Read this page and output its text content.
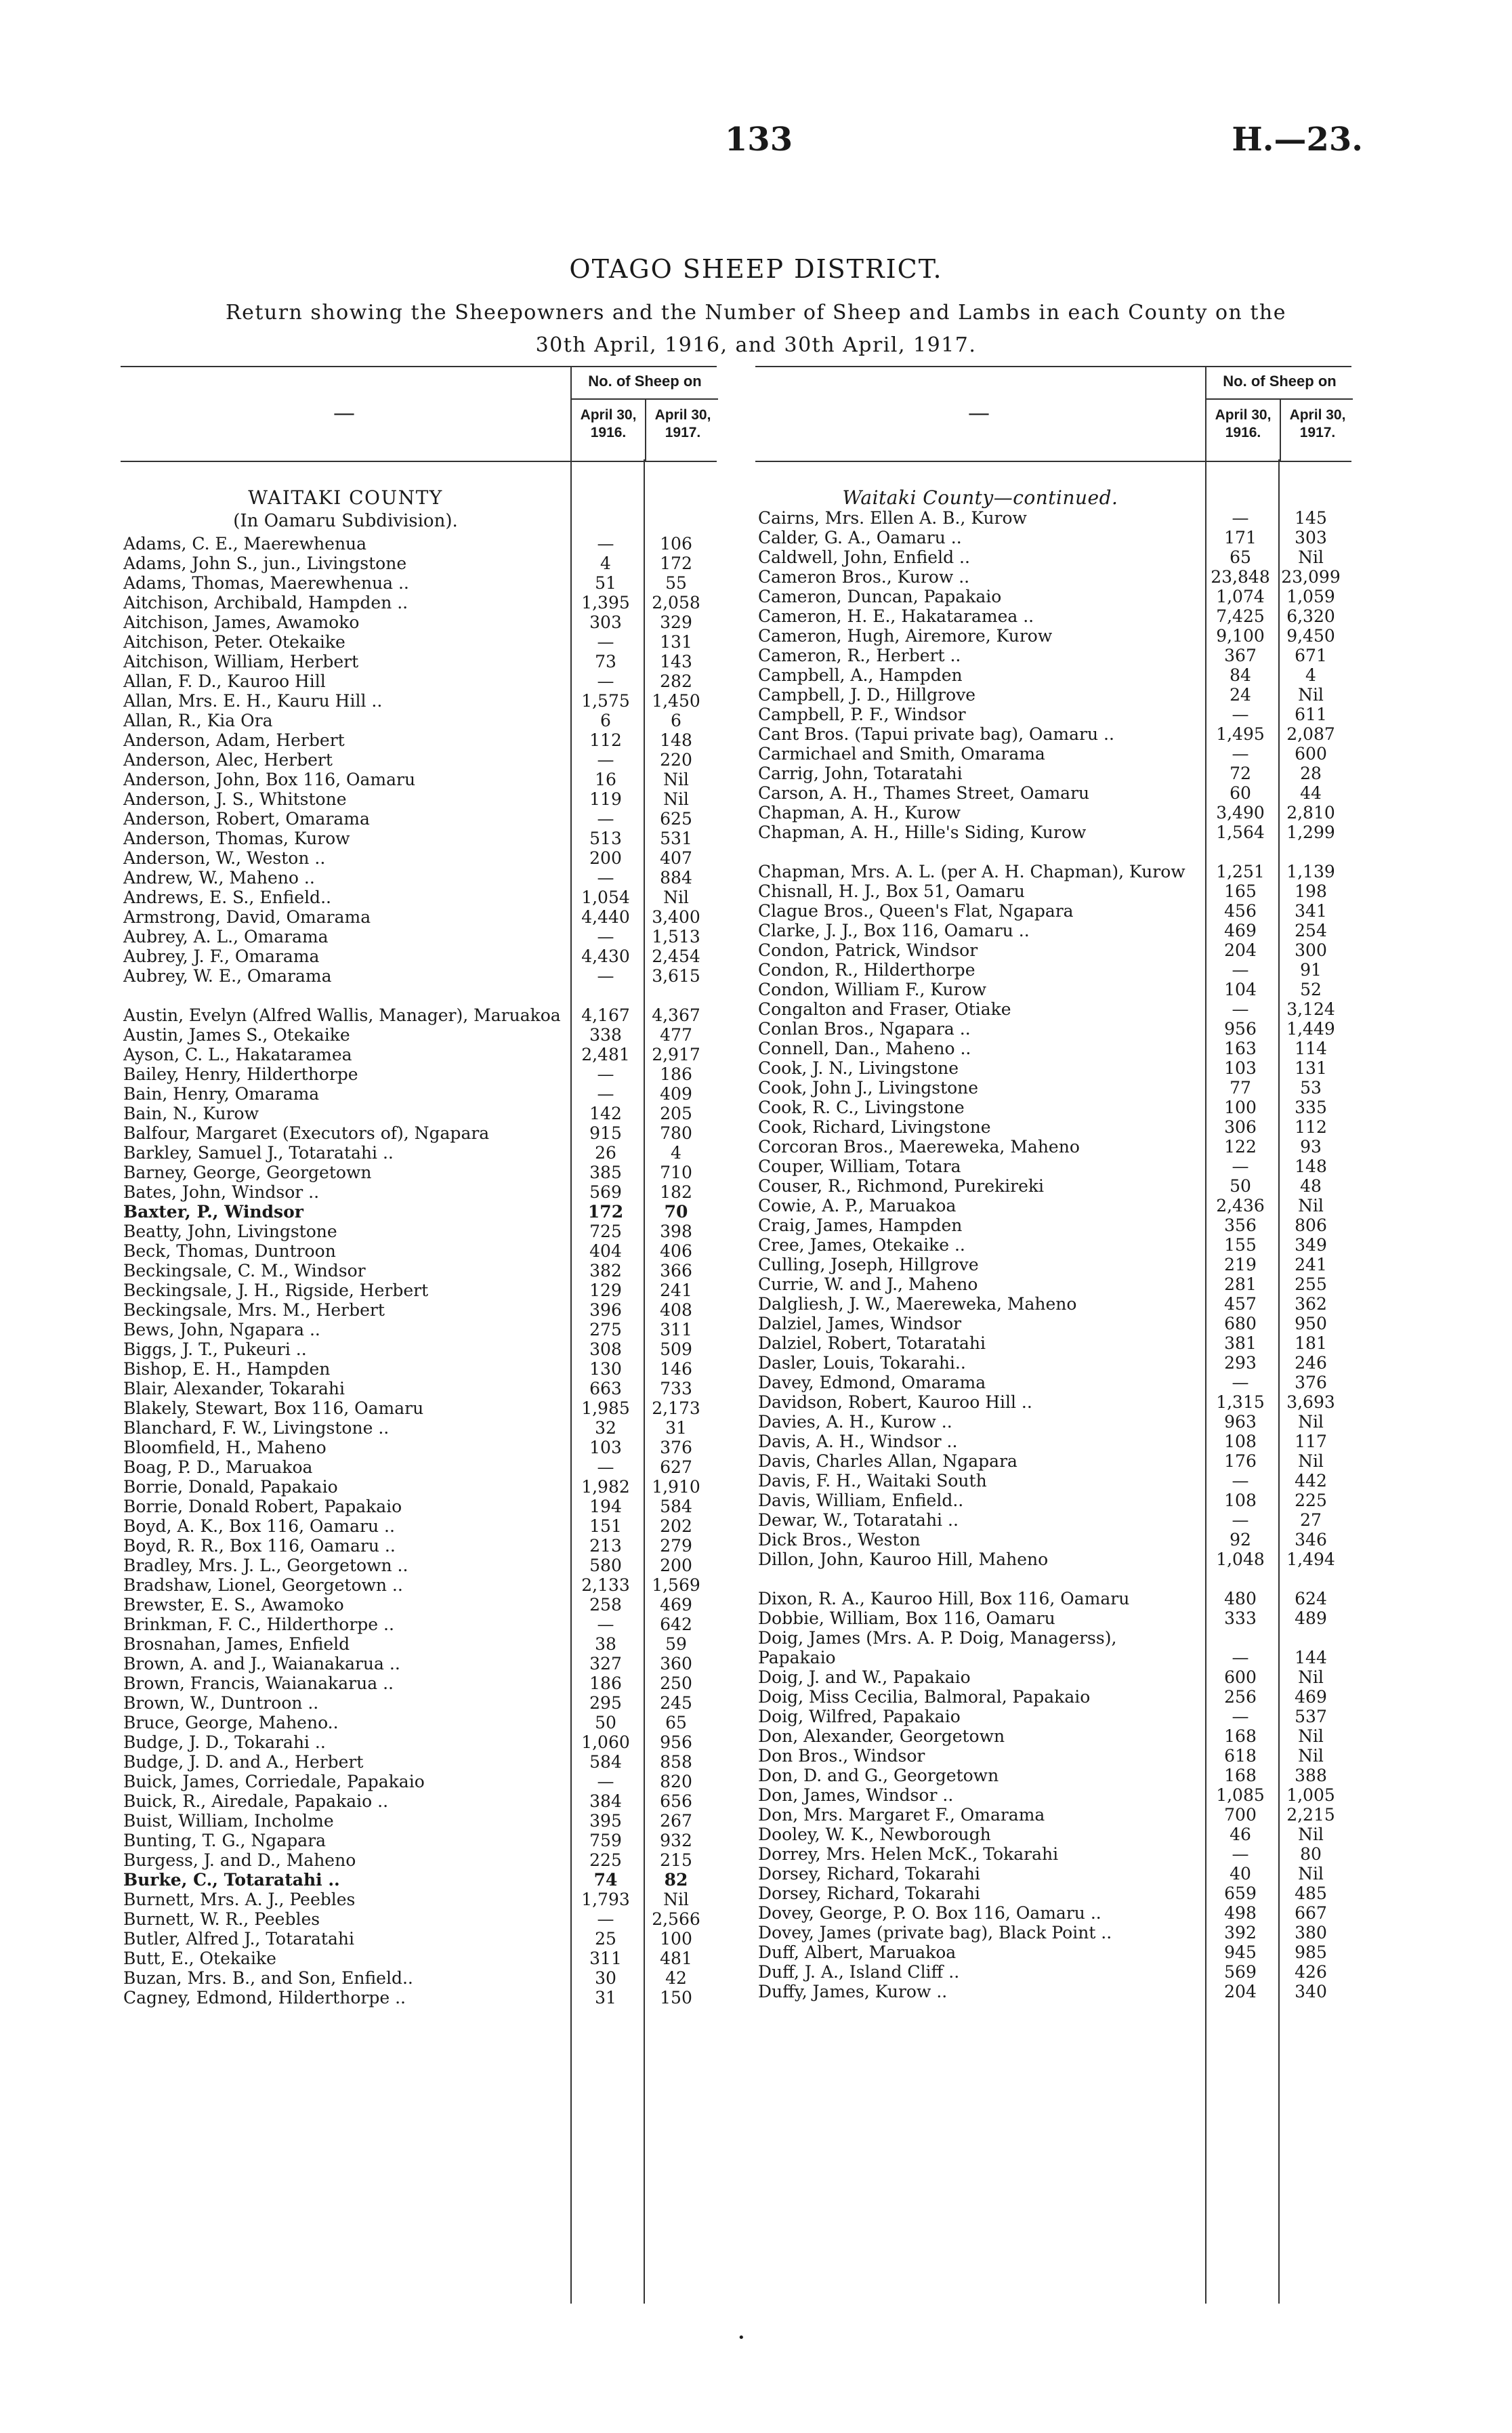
133	H.—23.
OTAGO SHEEP DISTRICT.
Return showing the Sheepowners and the Number of Sheep and Lambs in each County on the
30th April, 1916, and 30th April, 1917.
—
No. of Sheep on
April 30, 1916.
April 30, 1917.
WAITAKI COUNTY
(In Oamaru Subdivision).
Adams, C. E., Maerewhenua	—	106
Adams, John S., jun., Livingstone	4	172
Adams, Thomas, Maerewhenua ..	51	55
Aitchison, Archibald, Hampden ..	1,395	2,058
Aitchison, James, Awamoko	303	329
Aitchison, Peter. Otekaike	—	131
Aitchison, William, Herbert	73	143
Allan, F. D., Kauroo Hill	—	282
Allan, Mrs. E. H., Kauru Hill ..	1,575	1,450
Allan, R., Kia Ora	6	6
Anderson, Adam, Herbert	112	148
Anderson, Alec, Herbert	—	220
Anderson, John, Box 116, Oamaru	16	Nil
Anderson, J. S., Whitstone	119	Nil
Anderson, Robert, Omarama	—	625
Anderson, Thomas, Kurow	513	531
Anderson, W., Weston ..	200	407
Andrew, W., Maheno ..	—	884
Andrews, E. S., Enfield..	1,054	Nil
Armstrong, David, Omarama	4,440	3,400
Aubrey, A. L., Omarama	—	1,513
Aubrey, J. F., Omarama	4,430	2,454
Aubrey, W. E., Omarama	—	3,615
Austin, Evelyn (Alfred Wallis, Manager), Maruakoa	4,167	4,367
Austin, James S., Otekaike	338	477
Ayson, C. L., Hakataramea	2,481	2,917
Bailey, Henry, Hilderthorpe	—	186
Bain, Henry, Omarama	—	409
Bain, N., Kurow	142	205
Balfour, Margaret (Executors of), Ngapara	915	780
Barkley, Samuel J., Totaratahi ..	26	4
Barney, George, Georgetown	385	710
Bates, John, Windsor ..	569	182
Baxter, P., Windsor	172	70
Beatty, John, Livingstone	725	398
Beck, Thomas, Duntroon	404	406
Beckingsale, C. M., Windsor	382	366
Beckingsale, J. H., Rigside, Herbert	129	241
Beckingsale, Mrs. M., Herbert	396	408
Bews, John, Ngapara ..	275	311
Biggs, J. T., Pukeuri ..	308	509
Bishop, E. H., Hampden	130	146
Blair, Alexander, Tokarahi	663	733
Blakely, Stewart, Box 116, Oamaru	1,985	2,173
Blanchard, F. W., Livingstone ..	32	31
Bloomfield, H., Maheno	103	376
Boag, P. D., Maruakoa	—	627
Borrie, Donald, Papakaio	1,982	1,910
Borrie, Donald Robert, Papakaio	194	584
Boyd, A. K., Box 116, Oamaru ..	151	202
Boyd, R. R., Box 116, Oamaru ..	213	279
Bradley, Mrs. J. L., Georgetown ..	580	200
Bradshaw, Lionel, Georgetown ..	2,133	1,569
Brewster, E. S., Awamoko	258	469
Brinkman, F. C., Hilderthorpe ..	—	642
Brosnahan, James, Enfield	38	59
Brown, A. and J., Waianakarua ..	327	360
Brown, Francis, Waianakarua ..	186	250
Brown, W., Duntroon ..	295	245
Bruce, George, Maheno..	50	65
Budge, J. D., Tokarahi ..	1,060	956
Budge, J. D. and A., Herbert	584	858
Buick, James, Corriedale, Papakaio	—	820
Buick, R., Airedale, Papakaio ..	384	656
Buist, William, Incholme	395	267
Bunting, T. G., Ngapara	759	932
Burgess, J. and D., Maheno	225	215
Burke, C., Totaratahi ..	74	82
Burnett, Mrs. A. J., Peebles	1,793	Nil
Burnett, W. R., Peebles	—	2,566
Butler, Alfred J., Totaratahi	25	100
Butt, E., Otekaike	311	481
Buzan, Mrs. B., and Son, Enfield..	30	42
Cagney, Edmond, Hilderthorpe ..	31	150
—
No. of Sheep on
April 30, 1916.
April 30, 1917.
Waitaki County—continued.
Cairns, Mrs. Ellen A. B., Kurow	—	145
Calder, G. A., Oamaru ..	171	303
Caldwell, John, Enfield ..	65	Nil
Cameron Bros., Kurow ..	23,848 23,099
Cameron, Duncan, Papakaio	1,074	1,059
Cameron, H. E., Hakataramea ..	7,425	6,320
Cameron, Hugh, Airemore, Kurow	9,100	9,450
Cameron, R., Herbert ..	367	671
Campbell, A., Hampden	84	4
Campbell, J. D., Hillgrove	24	Nil
Campbell, P. F., Windsor	—	611
Cant Bros. (Tapui private bag), Oamaru ..	1,495	2,087
Carmichael and Smith, Omarama	—	600
Carrig, John, Totaratahi	72	28
Carson, A. H., Thames Street, Oamaru	60	44
Chapman, A. H., Kurow	3,490	2,810
Chapman, A. H., Hille's Siding, Kurow	1,564	1,299
Chapman, Mrs. A. L. (per A. H. Chapman), Kurow	1,251	1,139
Chisnall, H. J., Box 51, Oamaru	165	198
Clague Bros., Queen's Flat, Ngapara	456	341
Clarke, J. J., Box 116, Oamaru ..	469	254
Condon, Patrick, Windsor	204	300
Condon, R., Hilderthorpe	—	91
Condon, William F., Kurow	104	52
Congalton and Fraser, Otiake	—	3,124
Conlan Bros., Ngapara ..	956	1,449
Connell, Dan., Maheno ..	163	114
Cook, J. N., Livingstone	103	131
Cook, John J., Livingstone	77	53
Cook, R. C., Livingstone	100	335
Cook, Richard, Livingstone	306	112
Corcoran Bros., Maereweka, Maheno	122	93
Couper, William, Totara	—	148
Couser, R., Richmond, Purekireki	50	48
Cowie, A. P., Maruakoa	2,436	Nil
Craig, James, Hampden	356	806
Cree, James, Otekaike ..	155	349
Culling, Joseph, Hillgrove	219	241
Currie, W. and J., Maheno	281	255
Dalgliesh, J. W., Maereweka, Maheno	457	362
Dalziel, James, Windsor	680	950
Dalziel, Robert, Totaratahi	381	181
Dasler, Louis, Tokarahi..	293	246
Davey, Edmond, Omarama	—	376
Davidson, Robert, Kauroo Hill ..	1,315	3,693
Davies, A. H., Kurow ..	963	Nil
Davis, A. H., Windsor ..	108	117
Davis, Charles Allan, Ngapara	176	Nil
Davis, F. H., Waitaki South	—	442
Davis, William, Enfield..	108	225
Dewar, W., Totaratahi ..	—	27
Dick Bros., Weston	92	346
Dillon, John, Kauroo Hill, Maheno	1,048	1,494
Dixon, R. A., Kauroo Hill, Box 116, Oamaru	480	624
Dobbie, William, Box 116, Oamaru	333	489
Doig, James (Mrs. A. P. Doig, Managerss), Papakaio	—	144
Doig, J. and W., Papakaio	600	Nil
Doig, Miss Cecilia, Balmoral, Papakaio	256	469
Doig, Wilfred, Papakaio	—	537
Don, Alexander, Georgetown	168	Nil
Don Bros., Windsor	618	Nil
Don, D. and G., Georgetown	168	388
Don, James, Windsor ..	1,085	1,005
Don, Mrs. Margaret F., Omarama	700	2,215
Dooley, W. K., Newborough	46	Nil
Dorrey, Mrs. Helen McK., Tokarahi	—	80
Dorsey, Richard, Tokarahi	40	Nil
Dorsey, Richard, Tokarahi	659	485
Dovey, George, P. O. Box 116, Oamaru ..	498	667
Dovey, James (private bag), Black Point ..	392	380
Duff, Albert, Maruakoa	945	985
Duff, J. A., Island Cliff ..	569	426
Duffy, James, Kurow ..	204	340
•
